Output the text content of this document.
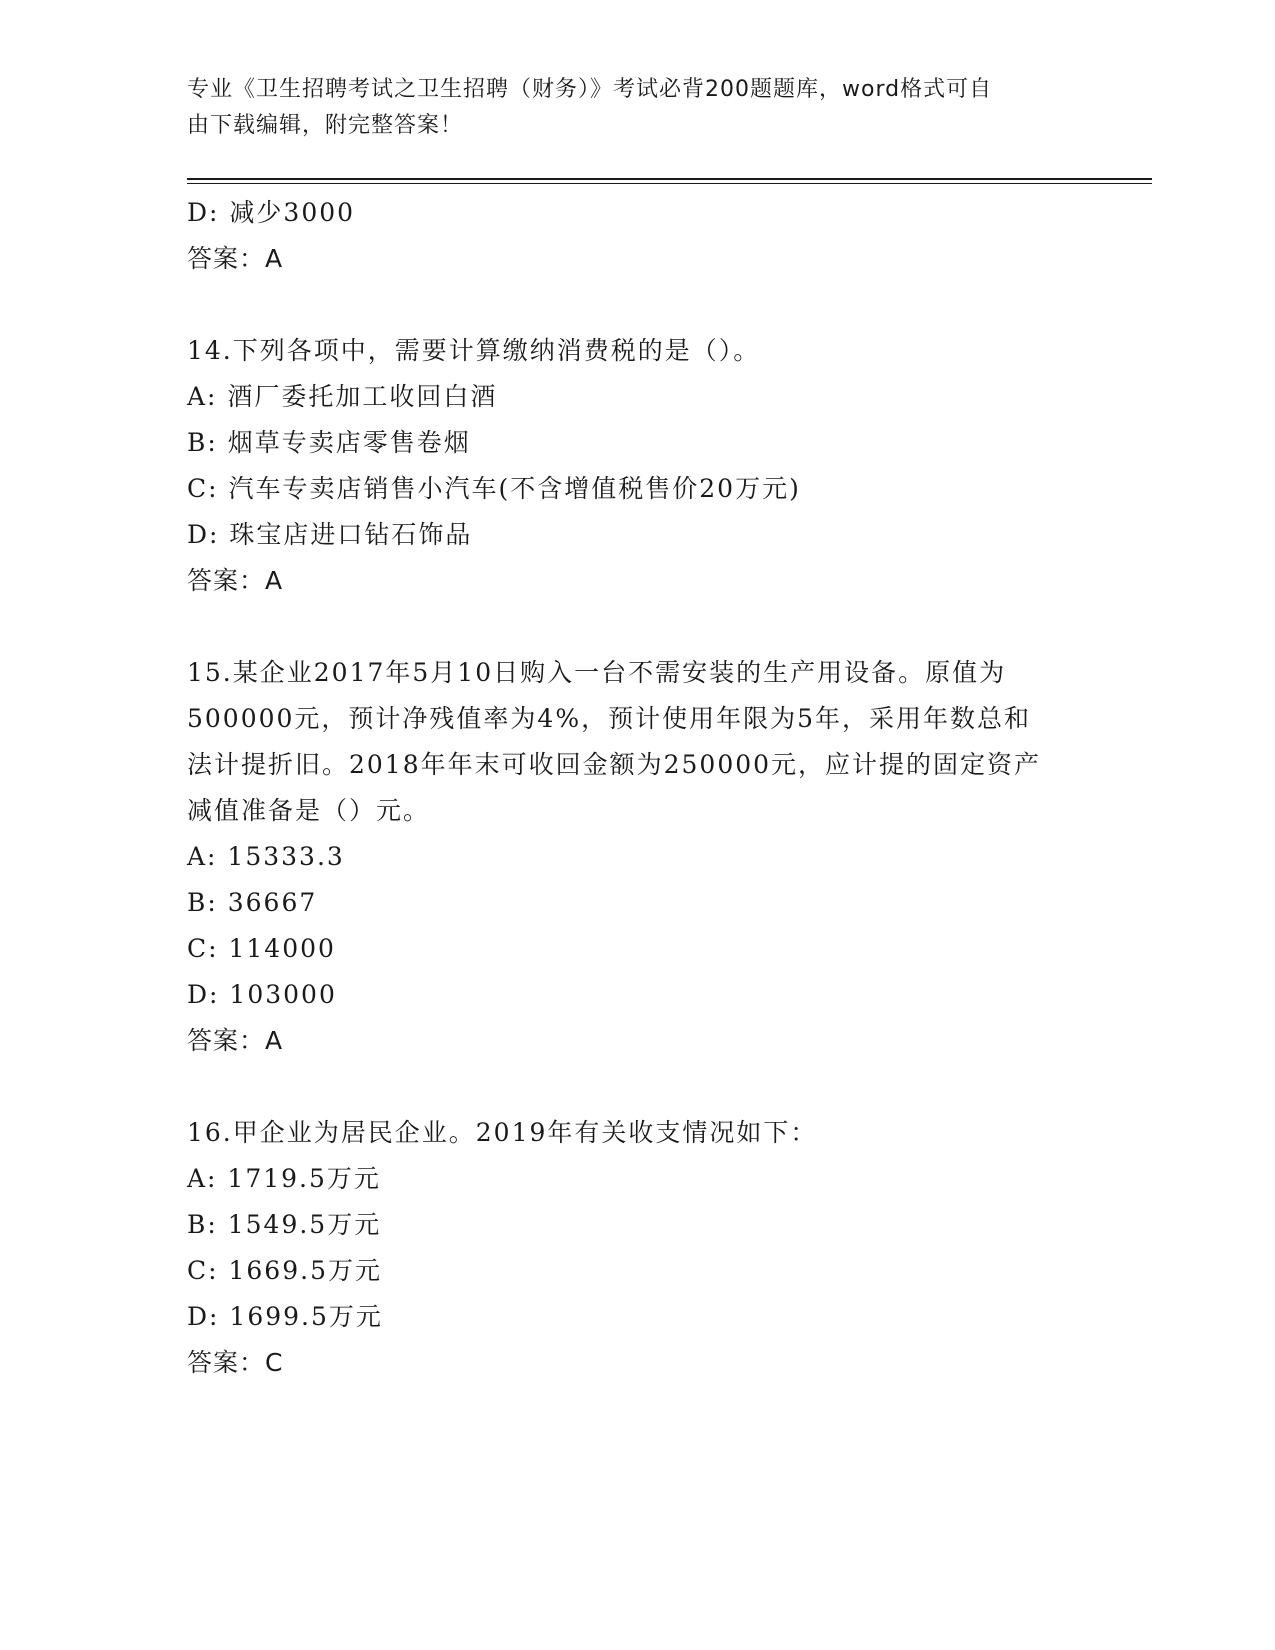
专业《卫生招聘考试之卫生招聘（财务）》考试必背200题题库，word格式可自
由下载编辑，附完整答案！
D: 减少3000
答案：A
14.下列各项中，需要计算缴纳消费税的是（）。
A: 酒厂委托加工收回白酒
B: 烟草专卖店零售卷烟
C: 汽车专卖店销售小汽车(不含增值税售价20万元)
D: 珠宝店进口钻石饰品
答案：A
15.某企业2017年5月10日购入一台不需安装的生产用设备。原值为
500000元，预计净残值率为4%，预计使用年限为5年，采用年数总和
法计提折旧。2018年年末可收回金额为250000元，应计提的固定资产
减值准备是（）元。
A: 15333.3
B: 36667
C: 114000
D: 103000
答案：A
16.甲企业为居民企业。2019年有关收支情况如下：
A: 1719.5万元
B: 1549.5万元
C: 1669.5万元
D: 1699.5万元
答案：C
